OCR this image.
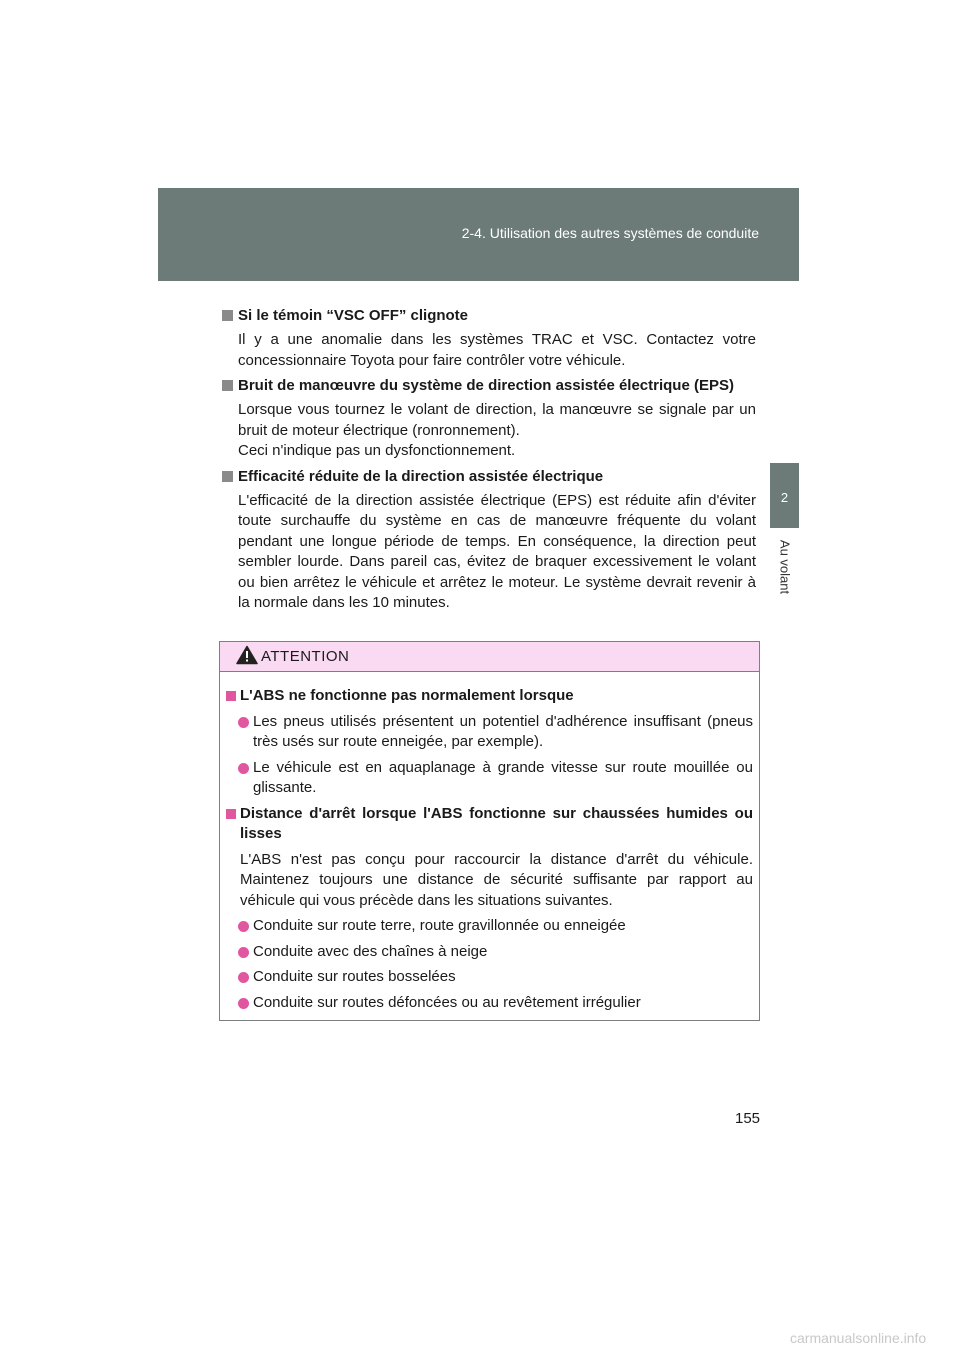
2-4. Utilisation des autres systèmes de conduite
2
Au volant
Si le témoin “VSC OFF” clignote
Il y a une anomalie dans les systèmes TRAC et VSC. Contactez votre concessionnaire Toyota pour faire contrôler votre véhicule.
Bruit de manœuvre du système de direction assistée électrique (EPS)
Lorsque vous tournez le volant de direction, la manœuvre se signale par un bruit de moteur électrique (ronronnement).
Ceci n'indique pas un dysfonctionnement.
Efficacité réduite de la direction assistée électrique
L'efficacité de la direction assistée électrique (EPS) est réduite afin d'éviter toute surchauffe du système en cas de manœuvre fréquente du volant pendant une longue période de temps. En conséquence, la direction peut sembler lourde. Dans pareil cas, évitez de braquer excessivement le volant ou bien arrêtez le véhicule et arrêtez le moteur. Le système devrait revenir à la normale dans les 10 minutes.
ATTENTION
L'ABS ne fonctionne pas normalement lorsque
Les pneus utilisés présentent un potentiel d'adhérence insuffisant (pneus très usés sur route enneigée, par exemple).
Le véhicule est en aquaplanage à grande vitesse sur route mouillée ou glissante.
Distance d'arrêt lorsque l'ABS fonctionne sur chaussées humides ou lisses
L'ABS n'est pas conçu pour raccourcir la distance d'arrêt du véhicule. Maintenez toujours une distance de sécurité suffisante par rapport au véhicule qui vous précède dans les situations suivantes.
Conduite sur route terre, route gravillonnée ou enneigée
Conduite avec des chaînes à neige
Conduite sur routes bosselées
Conduite sur routes défoncées ou au revêtement irrégulier
155
carmanualsonline.info
